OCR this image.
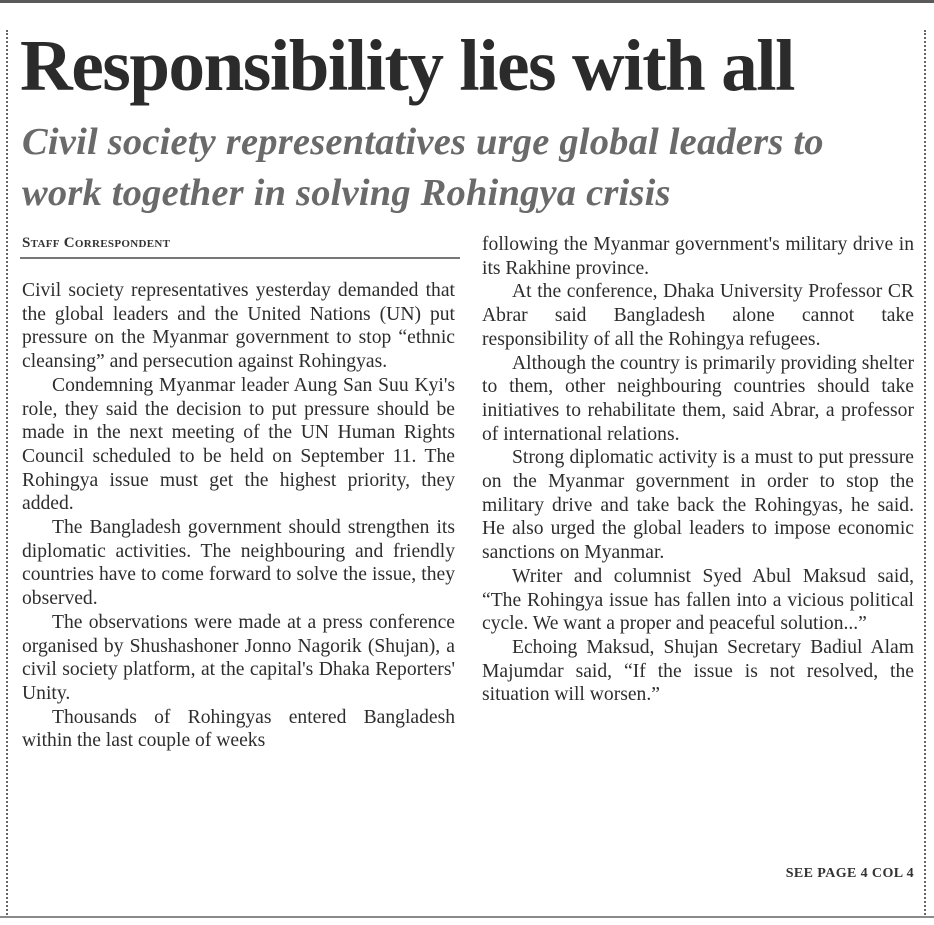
Responsibility lies with all
Civil society representatives urge global leaders to work together in solving Rohingya crisis
Staff Correspondent

Civil society representatives yesterday demanded that the global leaders and the United Nations (UN) put pressure on the Myanmar government to stop “ethnic cleansing” and persecution against Rohingyas.

Condemning Myanmar leader Aung San Suu Kyi's role, they said the decision to put pressure should be made in the next meeting of the UN Human Rights Council scheduled to be held on September 11. The Rohingya issue must get the highest priority, they added.

The Bangladesh government should strengthen its diplomatic activities. The neighbouring and friendly countries have to come forward to solve the issue, they observed.

The observations were made at a press conference organised by Shushashoner Jonno Nagorik (Shujan), a civil society platform, at the capital's Dhaka Reporters' Unity.

Thousands of Rohingyas entered Bangladesh within the last couple of weeks

following the Myanmar government's military drive in its Rakhine province.

At the conference, Dhaka University Professor CR Abrar said Bangladesh alone cannot take responsibility of all the Rohingya refugees.

Although the country is primarily providing shelter to them, other neighbouring countries should take initiatives to rehabilitate them, said Abrar, a professor of international relations.

Strong diplomatic activity is a must to put pressure on the Myanmar government in order to stop the military drive and take back the Rohingyas, he said. He also urged the global leaders to impose economic sanctions on Myanmar.

Writer and columnist Syed Abul Maksud said, “The Rohingya issue has fallen into a vicious political cycle. We want a proper and peaceful solution...”

Echoing Maksud, Shujan Secretary Badiul Alam Majumdar said, “If the issue is not resolved, the situation will worsen.”

SEE PAGE 4 COL 4
